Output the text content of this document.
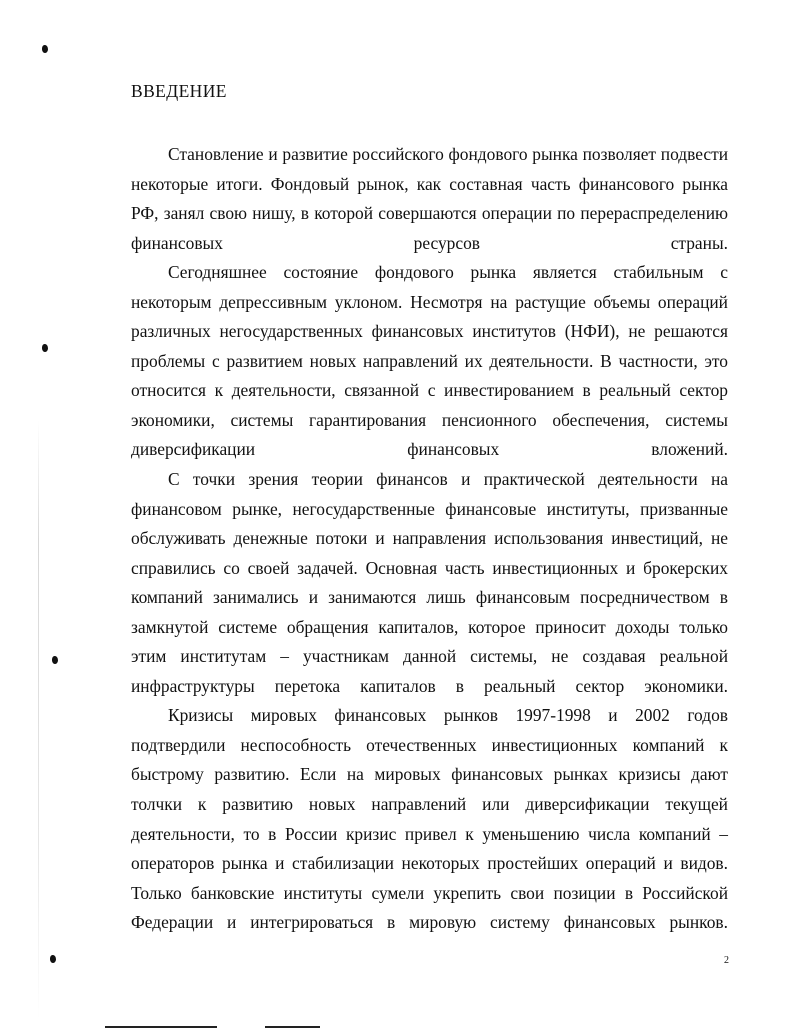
ВВЕДЕНИЕ

Становление и развитие российского фондового рынка позволяет подвести некоторые итоги. Фондовый рынок, как составная часть финансового рынка РФ, занял свою нишу, в которой совершаются операции по перераспределению финансовых ресурсов страны.

Сегодняшнее состояние фондового рынка является стабильным с некоторым депрессивным уклоном. Несмотря на растущие объемы операций различных негосударственных финансовых институтов (НФИ), не решаются проблемы с развитием новых направлений их деятельности. В частности, это относится к деятельности, связанной с инвестированием в реальный сектор экономики, системы гарантирования пенсионного обеспечения, системы диверсификации финансовых вложений.

С точки зрения теории финансов и практической деятельности на финансовом рынке, негосударственные финансовые институты, призванные обслуживать денежные потоки и направления использования инвестиций, не справились со своей задачей. Основная часть инвестиционных и брокерских компаний занимались и занимаются лишь финансовым посредничеством в замкнутой системе обращения капиталов, которое приносит доходы только этим институтам – участникам данной системы, не создавая реальной инфраструктуры перетока капиталов в реальный сектор экономики.

Кризисы мировых финансовых рынков 1997-1998 и 2002 годов подтвердили неспособность отечественных инвестиционных компаний к быстрому развитию. Если на мировых финансовых рынках кризисы дают толчки к развитию новых направлений или диверсификации текущей деятельности, то в России кризис привел к уменьшению числа компаний – операторов рынка и стабилизации некоторых простейших операций и видов. Только банковские институты сумели укрепить свои позиции в Российской Федерации и интегрироваться в мировую систему финансовых рынков.

2
